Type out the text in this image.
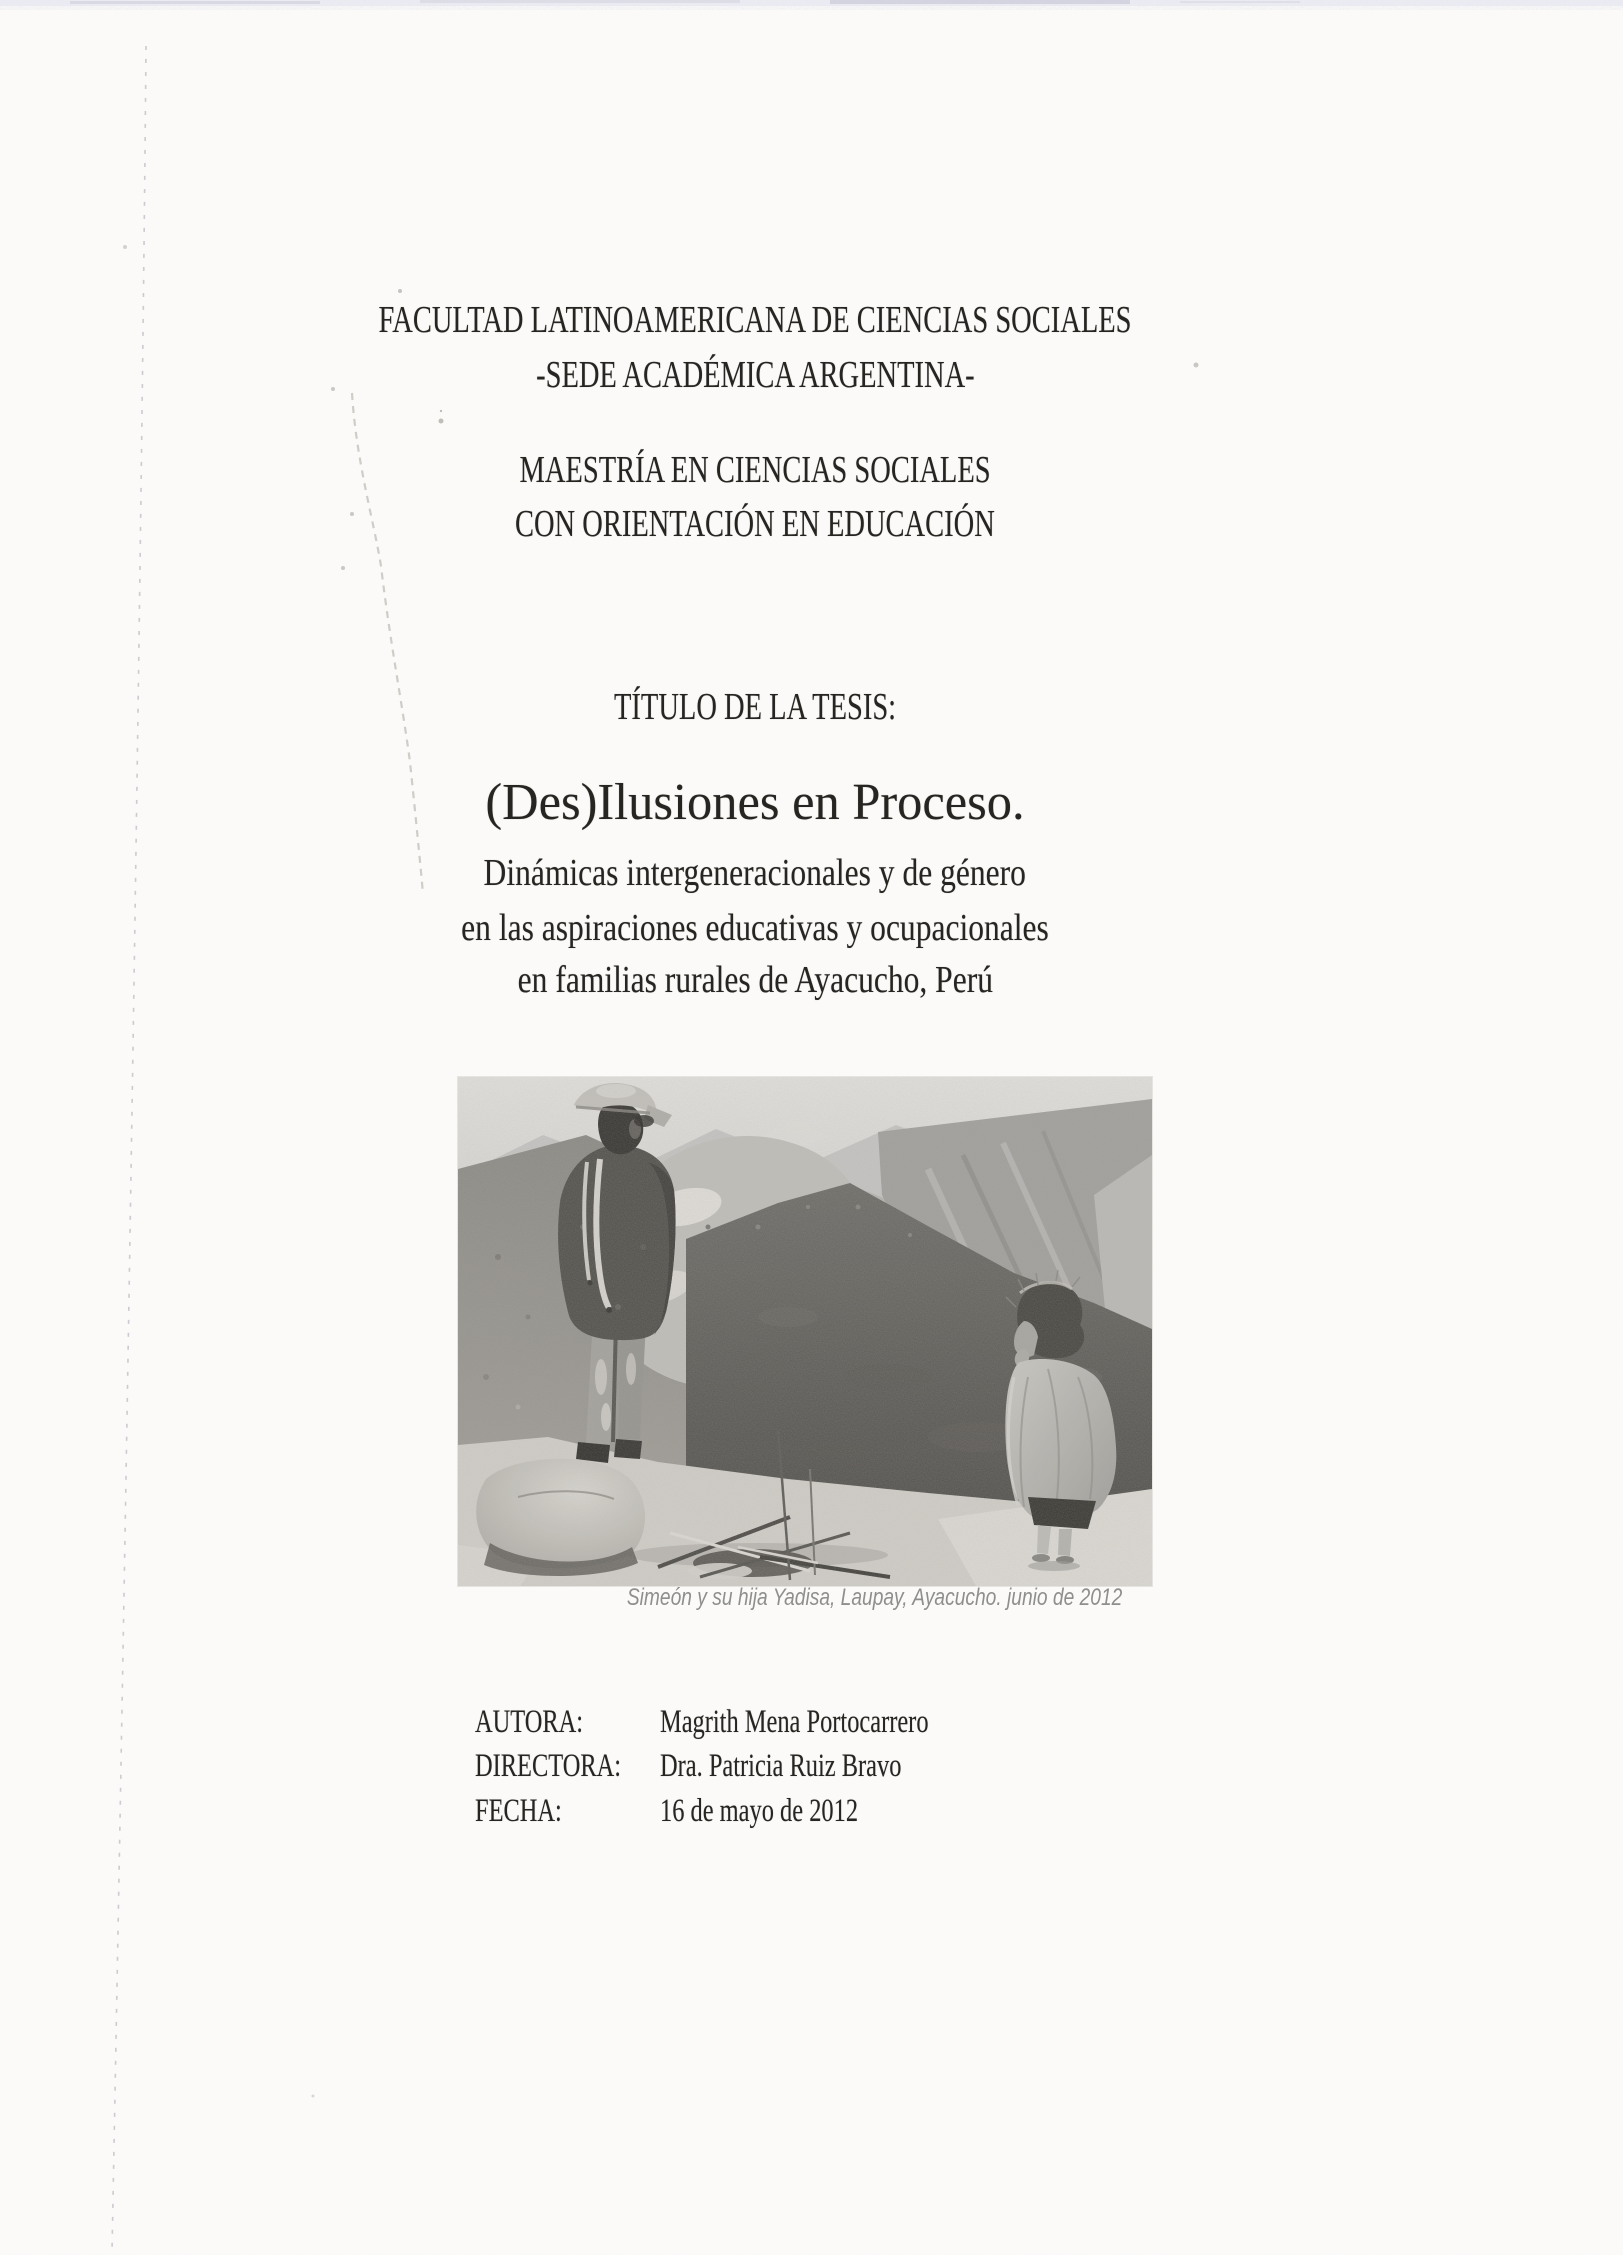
FACULTAD LATINOAMERICANA DE CIENCIAS SOCIALES
-SEDE ACADÉMICA ARGENTINA-
MAESTRÍA EN CIENCIAS SOCIALES
CON ORIENTACIÓN EN EDUCACIÓN
TÍTULO DE LA TESIS:
(Des)Ilusiones en Proceso.
Dinámicas intergeneracionales y de género
en las aspiraciones educativas y ocupacionales
en familias rurales de Ayacucho, Perú
Simeón y su hija Yadisa, Laupay, Ayacucho. junio de 2012
AUTORA: Magrith Mena Portocarrero
DIRECTORA: Dra. Patricia Ruiz Bravo
FECHA:	16 de mayo de 2012
